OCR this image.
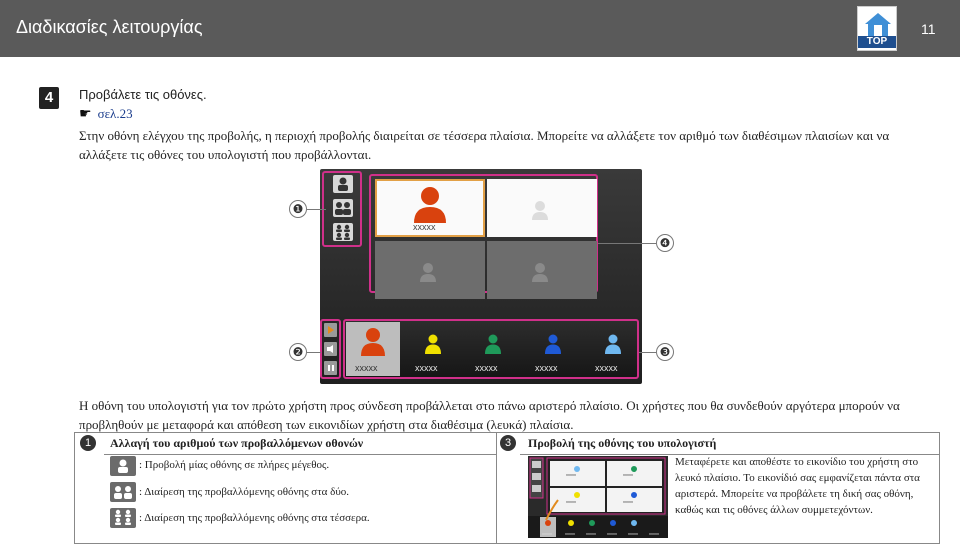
Διαδικασίες λειτουργίας
TOP
11
4	Προβάλετε τις οθόνες.
☛ σελ.23
Στην οθόνη ελέγχου της προβολής, η περιοχή προβολής διαιρείται σε τέσσερα πλαίσια. Μπορείτε να αλλάξετε τον αριθμό των διαθέσιμων πλαισίων και να αλλάξετε τις οθόνες του υπολογιστή που προβάλλονται.
xxxxx
❶
❷	❸
❹
Η οθόνη του υπολογιστή για τον πρώτο χρήστη προς σύνδεση προβάλλεται στο πάνω αριστερό πλαίσιο. Οι χρήστες που θα συνδεθούν αργότερα μπορούν να προβληθούν με μεταφορά και απόθεση των εικονιδίων χρήστη στα διαθέσιμα (λευκά) πλαίσια.
1	Αλλαγή του αριθμού των προβαλλόμενων οθονών
: Προβολή μίας οθόνης σε πλήρες μέγεθος.
: Διαίρεση της προβαλλόμενης οθόνης στα δύο.
: Διαίρεση της προβαλλόμενης οθόνης στα τέσσερα.
3	Προβολή της οθόνης του υπολογιστή
xxxxx	xxxxx
xxxxx	xxxxx
xxxxx	xxxxx	xxxxx	xxxxx	xxxxx	xxxxx
Μεταφέρετε και αποθέστε το εικονίδιο του χρήστη στο λευκό πλαίσιο. Το εικονίδιό σας εμφανίζεται πάντα στα αριστερά. Μπορείτε να προβάλετε τη δική σας οθόνη, καθώς και τις οθόνες άλλων συμμετεχόντων.
xxxxx	xxxxx	xxxxx	xxxxx	xxxxx
